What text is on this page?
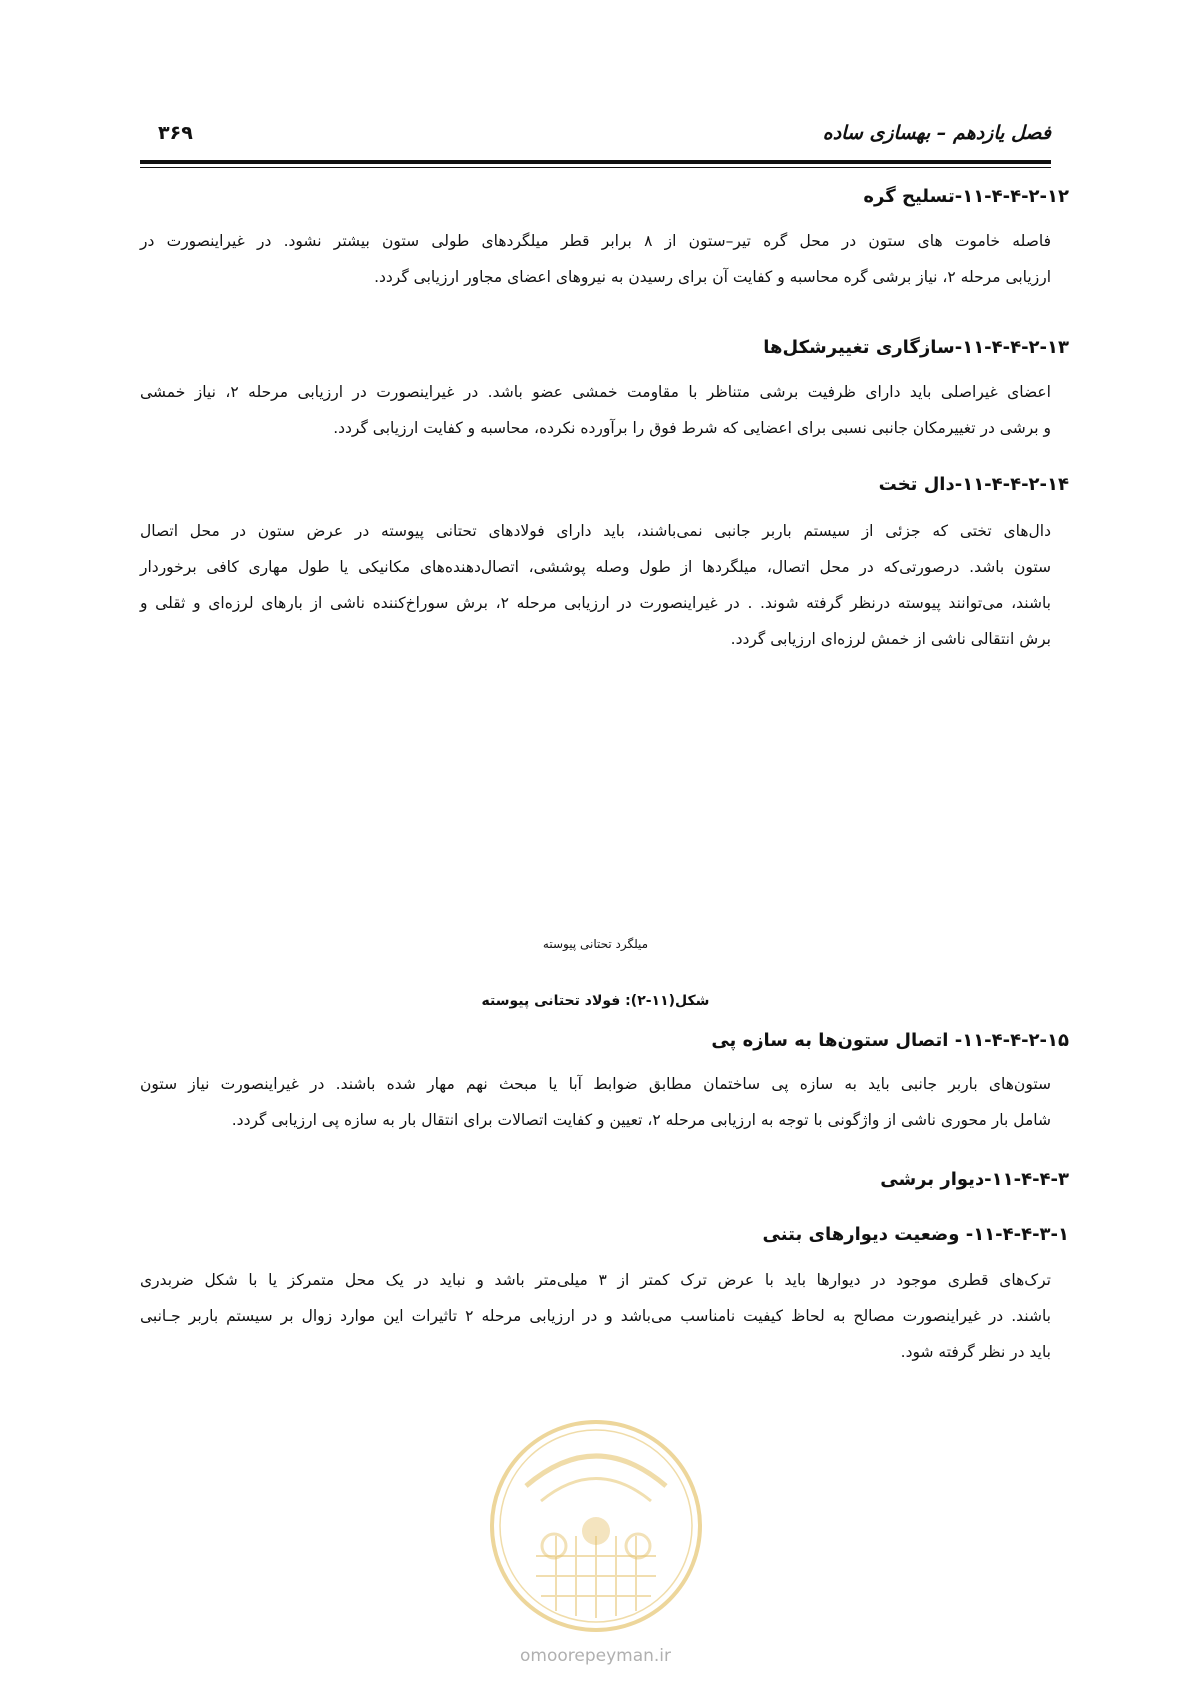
فصل یازدهم – بهسازی ساده
۳۶۹
۱۱-۴-۴-۲-۱۲-تسلیح گره
فاصله خاموت های ستون در محل گره تیر–ستون از ۸ برابر قطر میلگردهای طولی ستون بیشتر نشود. در غیراینصورت در
ارزیابی مرحله ۲، نیاز برشی گره محاسبه و کفایت آن برای رسیدن به نیروهای اعضای مجاور ارزیابی گردد.
۱۱-۴-۴-۲-۱۳-سازگاری تغییرشکل‌ها
اعضای غیراصلی باید دارای ظرفیت برشی متناظر با مقاومت خمشی عضو باشد. در غیراینصورت در ارزیابی مرحله ۲، نیاز خمشی
و برشی در تغییرمکان جانبی نسبی برای اعضایی که شرط فوق را برآورده نکرده، محاسبه و کفایت ارزیابی گردد.
۱۱-۴-۴-۲-۱۴-دال تخت
دال‌های تختی که جزئی از سیستم باربر جانبی نمی‌باشند، باید دارای فولادهای تحتانی پیوسته در عرض ستون در محل اتصال
ستون باشد. درصورتی‌که در محل اتصال، میلگردها از طول وصله پوششی، اتصال‌دهنده‌های مکانیکی یا طول مهاری کافی برخوردار
باشند، می‌توانند پیوسته درنظر گرفته شوند. . در غیراینصورت در ارزیابی مرحله ۲، برش سوراخ‌کننده ناشی از بارهای لرزه‌ای و ثقلی و
برش انتقالی ناشی از خمش لرزه‌ای ارزیابی گردد.
میلگرد تحتانی پیوسته
شکل(۱۱-۲): فولاد تحتانی پیوسته
۱۱-۴-۴-۲-۱۵- اتصال ستون‌ها به سازه پی
ستون‌های باربر جانبی باید به سازه پی ساختمان مطابق ضوابط آبا یا مبحث نهم مهار شده باشند. در غیراینصورت نیاز ستون
شامل بار محوری ناشی از واژگونی با توجه به ارزیابی مرحله ۲، تعیین و کفایت اتصالات برای انتقال بار به سازه پی ارزیابی گردد.
۱۱-۴-۴-۳-دیوار برشی
۱۱-۴-۴-۳-۱- وضعیت دیوارهای بتنی
ترک‌های قطری موجود در دیوارها باید با عرض ترک کمتر از ۳ میلی‌متر باشد و نباید در یک محل متمرکز یا با شکل ضربدری
باشند. در غیراینصورت مصالح به لحاظ کیفیت نامناسب می‌باشد و در ارزیابی مرحله ۲ تاثیرات این موارد زوال بر سیستم باربر جـانبی
باید در نظر گرفته شود.
omoorepeyman.ir
